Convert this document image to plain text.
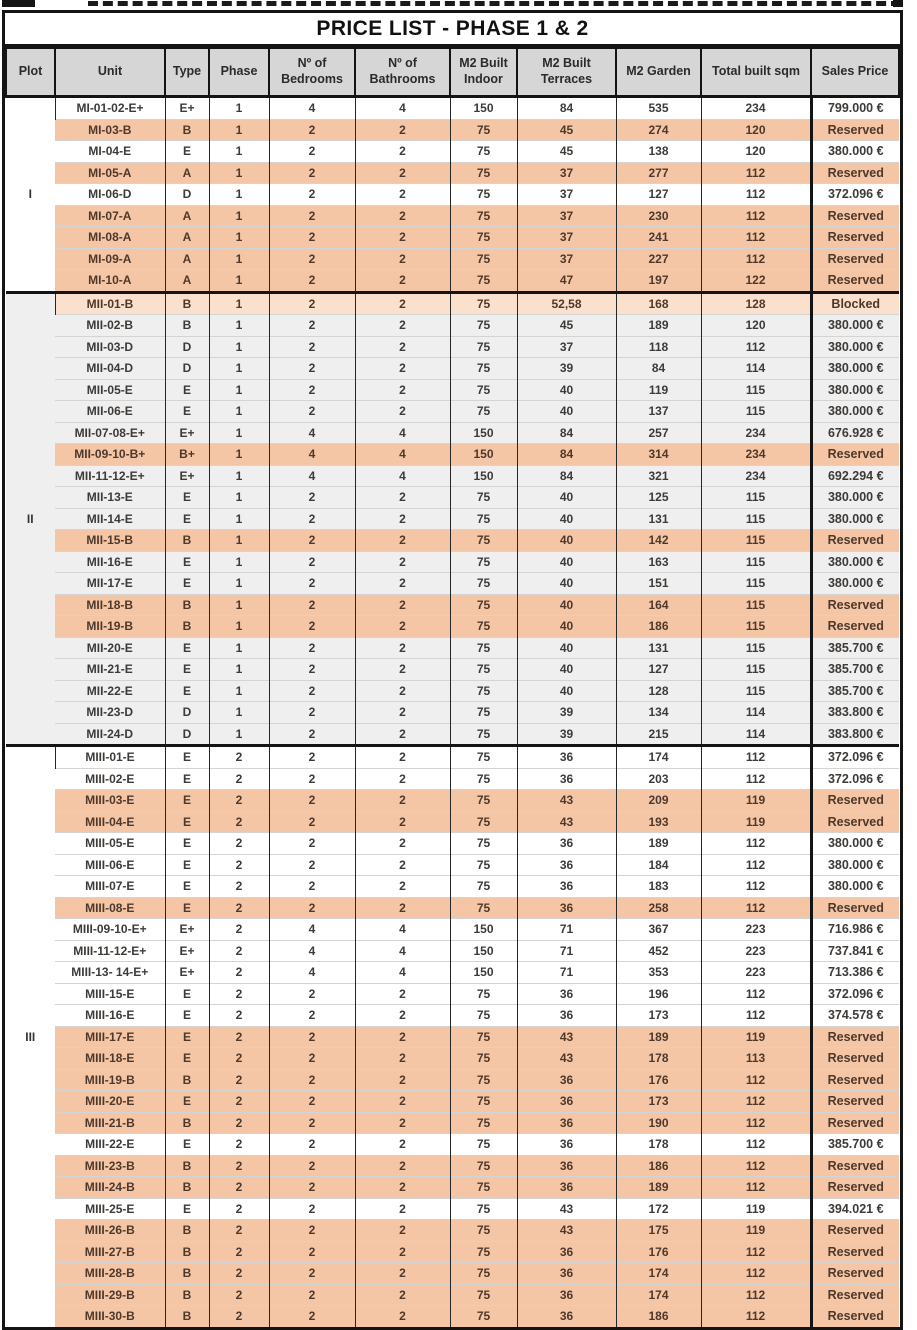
PRICE LIST - PHASE 1 & 2
Plot	Unit	Type	Phase	Nº of Bedrooms	Nº of Bathrooms	M2 Built Indoor	M2 Built Terraces	M2 Garden	Total built sqm	Sales Price
I	MI-01-02-E+	E+	1	4	4	150	84	535	234	799.000 €
	MI-03-B	B	1	2	2	75	45	274	120	Reserved
	MI-04-E	E	1	2	2	75	45	138	120	380.000 €
	MI-05-A	A	1	2	2	75	37	277	112	Reserved
	MI-06-D	D	1	2	2	75	37	127	112	372.096 €
	MI-07-A	A	1	2	2	75	37	230	112	Reserved
	MI-08-A	A	1	2	2	75	37	241	112	Reserved
	MI-09-A	A	1	2	2	75	37	227	112	Reserved
	MI-10-A	A	1	2	2	75	47	197	122	Reserved
II	MII-01-B	B	1	2	2	75	52,58	168	128	Blocked
	MII-02-B	B	1	2	2	75	45	189	120	380.000 €
	MII-03-D	D	1	2	2	75	37	118	112	380.000 €
	MII-04-D	D	1	2	2	75	39	84	114	380.000 €
	MII-05-E	E	1	2	2	75	40	119	115	380.000 €
	MII-06-E	E	1	2	2	75	40	137	115	380.000 €
	MII-07-08-E+	E+	1	4	4	150	84	257	234	676.928 €
	MII-09-10-B+	B+	1	4	4	150	84	314	234	Reserved
	MII-11-12-E+	E+	1	4	4	150	84	321	234	692.294 €
	MII-13-E	E	1	2	2	75	40	125	115	380.000 €
	MII-14-E	E	1	2	2	75	40	131	115	380.000 €
	MII-15-B	B	1	2	2	75	40	142	115	Reserved
	MII-16-E	E	1	2	2	75	40	163	115	380.000 €
	MII-17-E	E	1	2	2	75	40	151	115	380.000 €
	MII-18-B	B	1	2	2	75	40	164	115	Reserved
	MII-19-B	B	1	2	2	75	40	186	115	Reserved
	MII-20-E	E	1	2	2	75	40	131	115	385.700 €
	MII-21-E	E	1	2	2	75	40	127	115	385.700 €
	MII-22-E	E	1	2	2	75	40	128	115	385.700 €
	MII-23-D	D	1	2	2	75	39	134	114	383.800 €
	MII-24-D	D	1	2	2	75	39	215	114	383.800 €
III	MIII-01-E	E	2	2	2	75	36	174	112	372.096 €
	MIII-02-E	E	2	2	2	75	36	203	112	372.096 €
	MIII-03-E	E	2	2	2	75	43	209	119	Reserved
	MIII-04-E	E	2	2	2	75	43	193	119	Reserved
	MIII-05-E	E	2	2	2	75	36	189	112	380.000 €
	MIII-06-E	E	2	2	2	75	36	184	112	380.000 €
	MIII-07-E	E	2	2	2	75	36	183	112	380.000 €
	MIII-08-E	E	2	2	2	75	36	258	112	Reserved
	MIII-09-10-E+	E+	2	4	4	150	71	367	223	716.986 €
	MIII-11-12-E+	E+	2	4	4	150	71	452	223	737.841 €
	MIII-13- 14-E+	E+	2	4	4	150	71	353	223	713.386 €
	MIII-15-E	E	2	2	2	75	36	196	112	372.096 €
	MIII-16-E	E	2	2	2	75	36	173	112	374.578 €
	MIII-17-E	E	2	2	2	75	43	189	119	Reserved
	MIII-18-E	E	2	2	2	75	43	178	113	Reserved
	MIII-19-B	B	2	2	2	75	36	176	112	Reserved
	MIII-20-E	E	2	2	2	75	36	173	112	Reserved
	MIII-21-B	B	2	2	2	75	36	190	112	Reserved
	MIII-22-E	E	2	2	2	75	36	178	112	385.700 €
	MIII-23-B	B	2	2	2	75	36	186	112	Reserved
	MIII-24-B	B	2	2	2	75	36	189	112	Reserved
	MIII-25-E	E	2	2	2	75	43	172	119	394.021 €
	MIII-26-B	B	2	2	2	75	43	175	119	Reserved
	MIII-27-B	B	2	2	2	75	36	176	112	Reserved
	MIII-28-B	B	2	2	2	75	36	174	112	Reserved
	MIII-29-B	B	2	2	2	75	36	174	112	Reserved
	MIII-30-B	B	2	2	2	75	36	186	112	Reserved
